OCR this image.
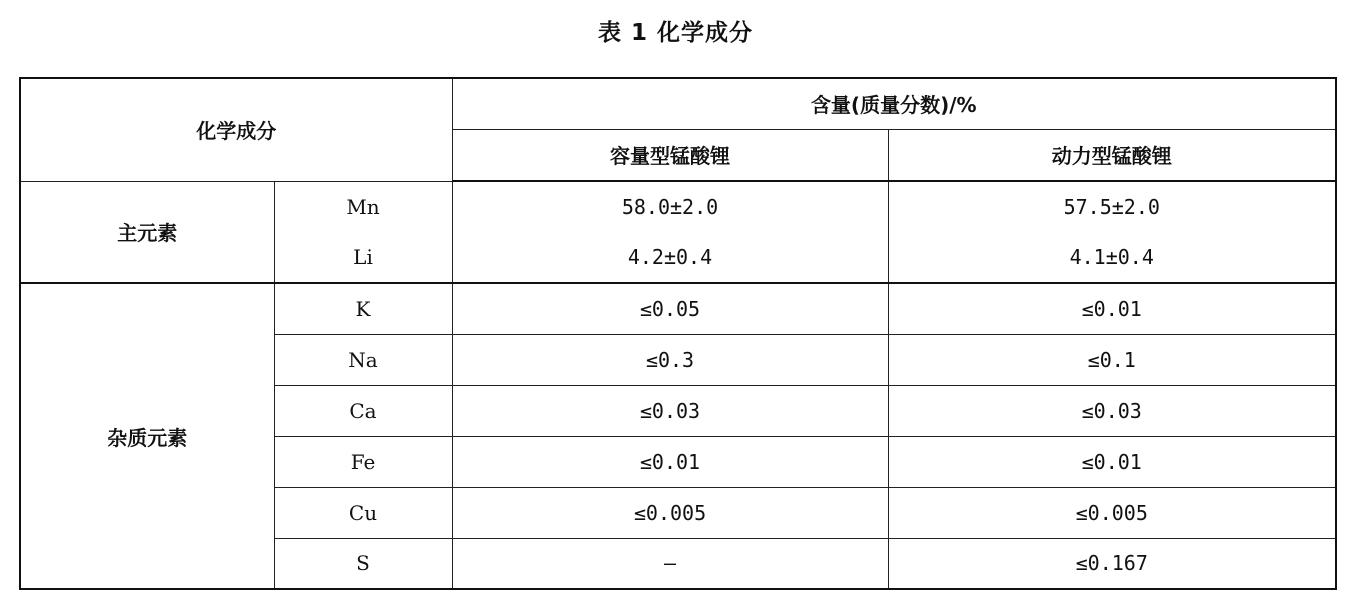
表 1 化学成分
化学成分		含量(质量分数)/%	
		容量型锰酸锂	动力型锰酸锂
主元素	Mn	58.0±2.0	57.5±2.0
	Li	4.2±0.4	4.1±0.4
杂质元素	K	≤0.05	≤0.01
	Na	≤0.3	≤0.1
	Ca	≤0.03	≤0.03
	Fe	≤0.01	≤0.01
	Cu	≤0.005	≤0.005
	S	—	≤0.167
